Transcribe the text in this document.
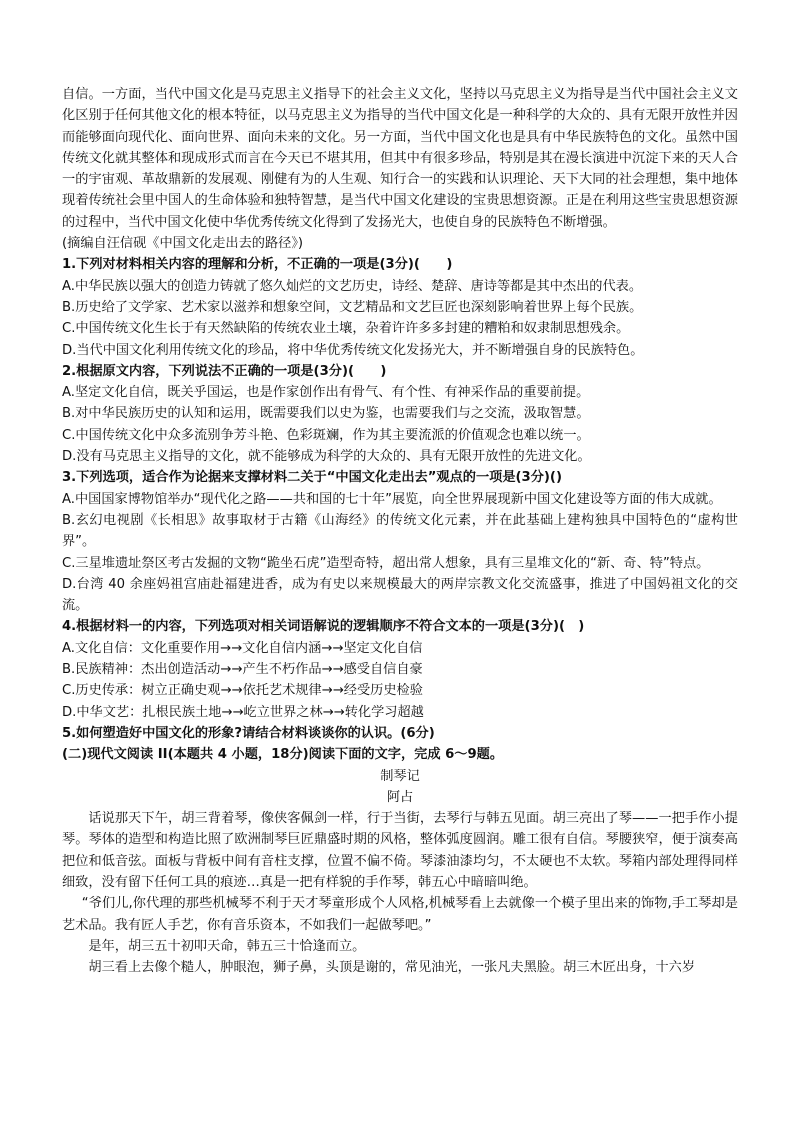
自信。一方面，当代中国文化是马克思主义指导下的社会主义文化，坚持以马克思主义为指导是当代中国社会主义文化区别于任何其他文化的根本特征，以马克思主义为指导的当代中国文化是一种科学的大众的、具有无限开放性并因而能够面向现代化、面向世界、面向未来的文化。另一方面，当代中国文化也是具有中华民族特色的文化。虽然中国传统文化就其整体和现成形式而言在今天已不堪其用，但其中有很多珍品，特别是其在漫长演进中沉淀下来的天人合一的宇宙观、革故鼎新的发展观、刚健有为的人生观、知行合一的实践和认识理论、天下大同的社会理想，集中地体现着传统社会里中国人的生命体验和独特智慧，是当代中国文化建设的宝贵思想资源。正是在利用这些宝贵思想资源的过程中，当代中国文化使中华优秀传统文化得到了发扬光大，也使自身的民族特色不断增强。

(摘编自汪信砚《中国文化走出去的路径》)

1.下列对材料相关内容的理解和分析，不正确的一项是(3分)(　　)

A.中华民族以强大的创造力铸就了悠久灿烂的文艺历史，诗经、楚辞、唐诗等都是其中杰出的代表。

B.历史给了文学家、艺术家以滋养和想象空间，文艺精品和文艺巨匠也深刻影响着世界上每个民族。

C.中国传统文化生长于有天然缺陷的传统农业土壤，杂着许许多多封建的糟粕和奴隶制思想残余。

D.当代中国文化利用传统文化的珍品，将中华优秀传统文化发扬光大，并不断增强自身的民族特色。

2.根据原文内容，下列说法不正确的一项是(3分)(　　)

A.坚定文化自信，既关乎国运，也是作家创作出有骨气、有个性、有神采作品的重要前提。

B.对中华民族历史的认知和运用，既需要我们以史为鉴，也需要我们与之交流，汲取智慧。

C.中国传统文化中众多流别争芳斗艳、色彩斑斓，作为其主要流派的价值观念也难以统一。

D.没有马克思主义指导的文化，就不能够成为科学的大众的、具有无限开放性的先进文化。

3.下列选项，适合作为论据来支撑材料二关于“中国文化走出去”观点的一项是(3分)()

A.中国国家博物馆举办“现代化之路——共和国的七十年”展览，向全世界展现新中国文化建设等方面的伟大成就。

B.玄幻电视剧《长相思》故事取材于古籍《山海经》的传统文化元素，并在此基础上建构独具中国特色的“虚构世界”。

C.三星堆遗址祭区考古发掘的文物“跪坐石虎”造型奇特，超出常人想象，具有三星堆文化的“新、奇、特”特点。

D.台湾 40 余座妈祖宫庙赴福建进香，成为有史以来规模最大的两岸宗教文化交流盛事，推进了中国妈祖文化的交流。

4.根据材料一的内容，下列选项对相关词语解说的逻辑顺序不符合文本的一项是(3分)(　)

A.文化自信：文化重要作用→→文化自信内涵→→坚定文化自信

B.民族精神：杰出创造活动→→产生不朽作品→→感受自信自豪

C.历史传承：树立正确史观→→依托艺术规律→→经受历史检验

D.中华文艺：扎根民族土地→→屹立世界之林→→转化学习超越

5.如何塑造好中国文化的形象?请结合材料谈谈你的认识。(6分)

(二)现代文阅读 II(本题共 4 小题，18分)阅读下面的文字，完成 6～9题。

制琴记

阿占

话说那天下午，胡三背着琴，像侠客佩剑一样，行于当街，去琴行与韩五见面。胡三亮出了琴——一把手作小提琴。琴体的造型和构造比照了欧洲制琴巨匠鼎盛时期的风格，整体弧度圆润。雕工很有自信。琴腰狭窄，便于演奏高把位和低音弦。面板与背板中间有音柱支撑，位置不偏不倚。琴漆油漆均匀，不太硬也不太软。琴箱内部处理得同样细致，没有留下任何工具的痕迹…真是一把有样貌的手作琴，韩五心中暗暗叫绝。

“爷们儿,你代理的那些机械琴不利于天才琴童形成个人风格,机械琴看上去就像一个模子里出来的饰物,手工琴却是艺术品。我有匠人手艺，你有音乐资本，不如我们一起做琴吧。”

是年，胡三五十初叩天命，韩五三十恰逢而立。

胡三看上去像个糙人，肿眼泡，狮子鼻，头顶是谢的，常见油光，一张凡夫黑脸。胡三木匠出身，十六岁
